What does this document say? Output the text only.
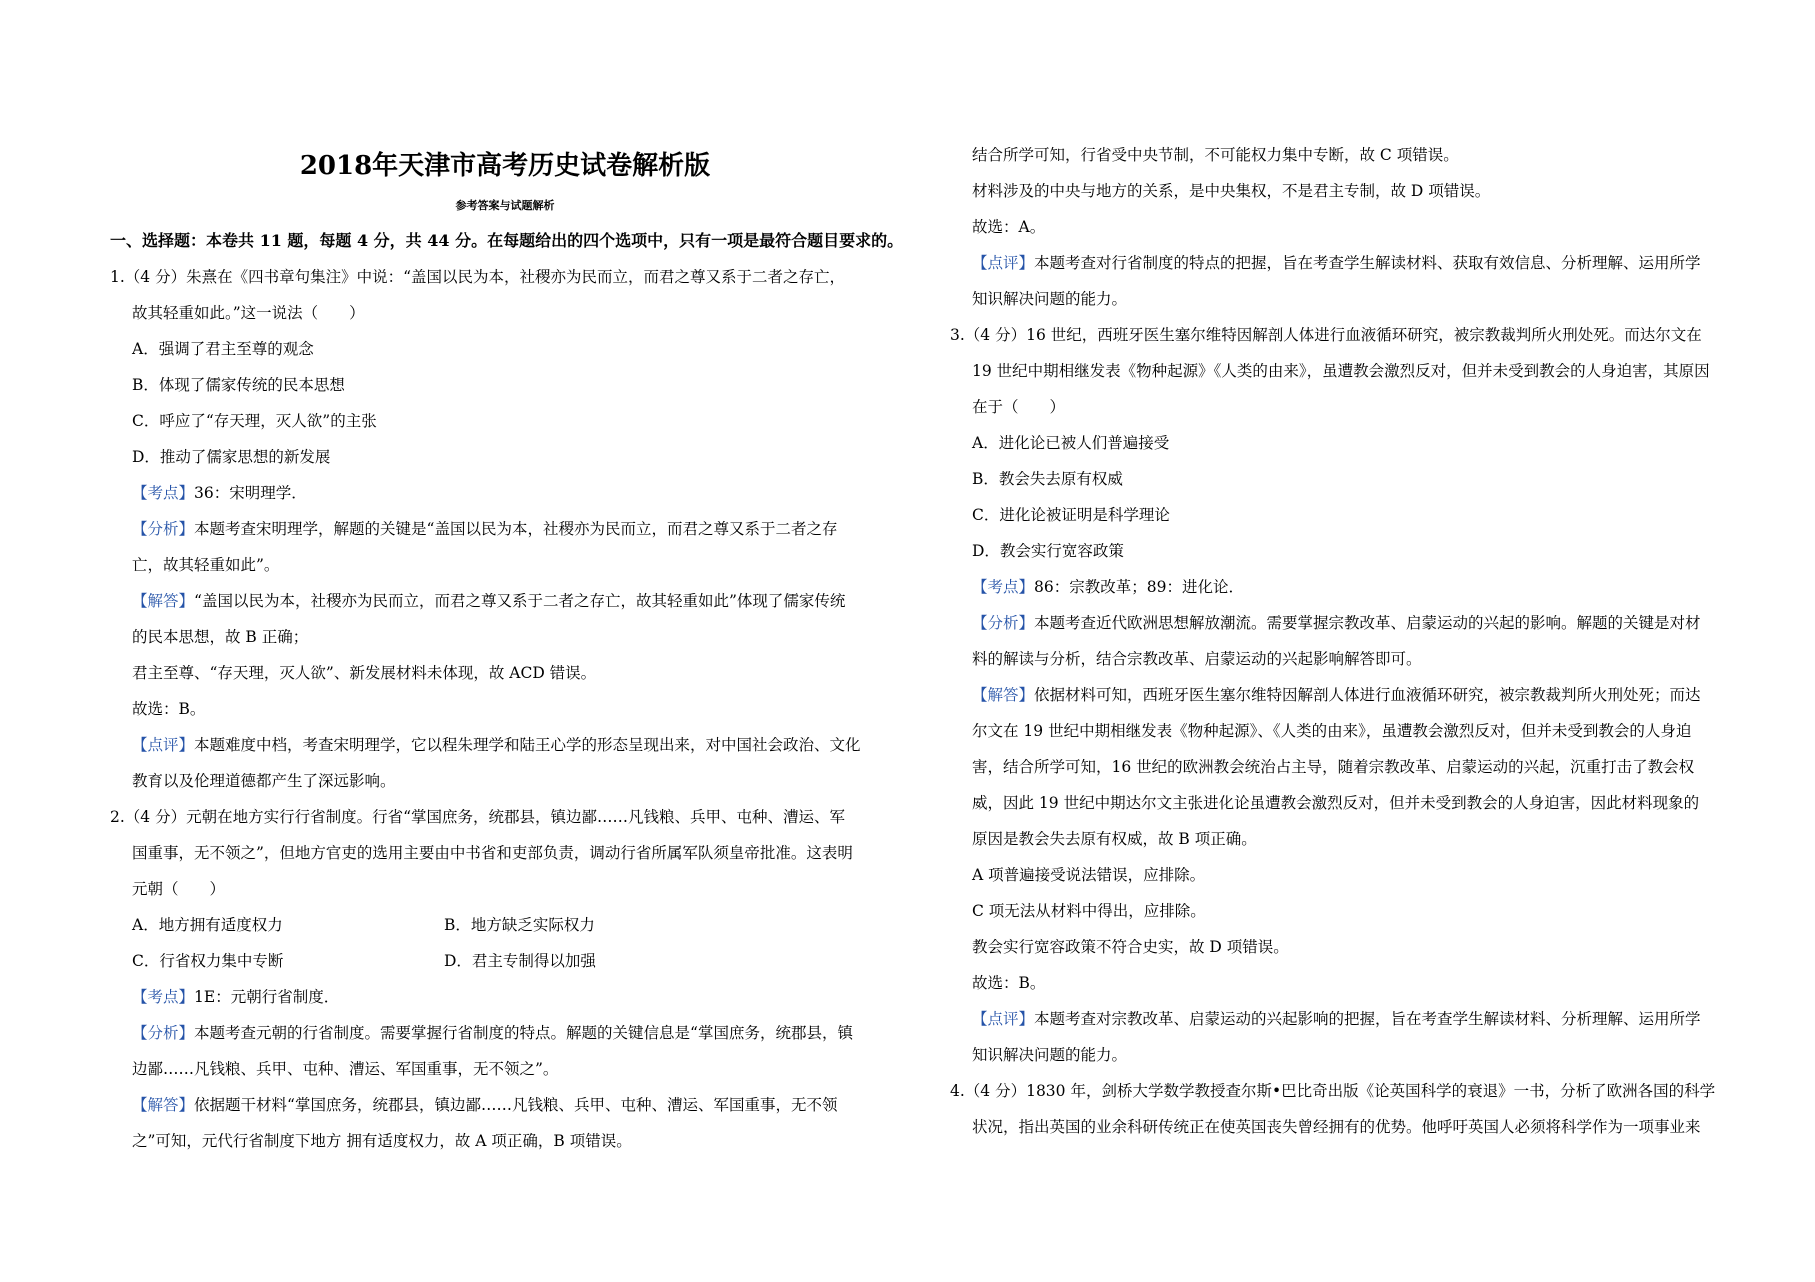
2018年天津市高考历史试卷解析版
参考答案与试题解析
一、选择题：本卷共 11 题，每题 4 分，共 44 分。在每题给出的四个选项中，只有一项是最符合题目要求的。
1.（4 分）朱熹在《四书章句集注》中说：“盖国以民为本，社稷亦为民而立，而君之尊又系于二者之存亡，
故其轻重如此。”这一说法（　　）
A．强调了君主至尊的观念
B．体现了儒家传统的民本思想
C．呼应了“存天理，灭人欲”的主张
D．推动了儒家思想的新发展
【考点】36：宋明理学．
【分析】本题考查宋明理学，解题的关键是“盖国以民为本，社稷亦为民而立，而君之尊又系于二者之存
亡，故其轻重如此”。
【解答】“盖国以民为本，社稷亦为民而立，而君之尊又系于二者之存亡，故其轻重如此”体现了儒家传统
的民本思想，故 B 正确；
君主至尊、“存天理，灭人欲”、新发展材料未体现，故 ACD 错误。
故选：B。
【点评】本题难度中档，考查宋明理学，它以程朱理学和陆王心学的形态呈现出来，对中国社会政治、文化
教育以及伦理道德都产生了深远影响。
2.（4 分）元朝在地方实行行省制度。行省“掌国庶务，统郡县，镇边鄙……凡钱粮、兵甲、屯种、漕运、军
国重事，无不领之”，但地方官吏的选用主要由中书省和吏部负责，调动行省所属军队须皇帝批准。这表明
元朝（　　）
A．地方拥有适度权力	B．地方缺乏实际权力
C．行省权力集中专断	D．君主专制得以加强
【考点】1E：元朝行省制度．
【分析】本题考查元朝的行省制度。需要掌握行省制度的特点。解题的关键信息是“掌国庶务，统郡县，镇
边鄙……凡钱粮、兵甲、屯种、漕运、军国重事，无不领之”。
【解答】依据题干材料“掌国庶务，统郡县，镇边鄙……凡钱粮、兵甲、屯种、漕运、军国重事，无不领
之”可知，元代行省制度下地方 拥有适度权力，故 A 项正确，B 项错误。
结合所学可知，行省受中央节制，不可能权力集中专断，故 C 项错误。
材料涉及的中央与地方的关系，是中央集权，不是君主专制，故 D 项错误。
故选：A。
【点评】本题考查对行省制度的特点的把握，旨在考查学生解读材料、获取有效信息、分析理解、运用所学
知识解决问题的能力。
3.（4 分）16 世纪，西班牙医生塞尔维特因解剖人体进行血液循环研究，被宗教裁判所火刑处死。而达尔文在
19 世纪中期相继发表《物种起源》《人类的由来》，虽遭教会激烈反对，但并未受到教会的人身迫害，其原因
在于（　　）
A．进化论已被人们普遍接受
B．教会失去原有权威
C．进化论被证明是科学理论
D．教会实行宽容政策
【考点】86：宗教改革；89：进化论．
【分析】本题考查近代欧洲思想解放潮流。需要掌握宗教改革、启蒙运动的兴起的影响。解题的关键是对材
料的解读与分析，结合宗教改革、启蒙运动的兴起影响解答即可。
【解答】依据材料可知，西班牙医生塞尔维特因解剖人体进行血液循环研究，被宗教裁判所火刑处死；而达
尔文在 19 世纪中期相继发表《物种起源》、《人类的由来》，虽遭教会激烈反对，但并未受到教会的人身迫
害，结合所学可知，16 世纪的欧洲教会统治占主导，随着宗教改革、启蒙运动的兴起，沉重打击了教会权
威，因此 19 世纪中期达尔文主张进化论虽遭教会激烈反对，但并未受到教会的人身迫害，因此材料现象的
原因是教会失去原有权威，故 B 项正确。
A 项普遍接受说法错误，应排除。
C 项无法从材料中得出，应排除。
教会实行宽容政策不符合史实，故 D 项错误。
故选：B。
【点评】本题考查对宗教改革、启蒙运动的兴起影响的把握，旨在考查学生解读材料、分析理解、运用所学
知识解决问题的能力。
4.（4 分）1830 年，剑桥大学数学教授查尔斯•巴比奇出版《论英国科学的衰退》一书，分析了欧洲各国的科学
状况，指出英国的业余科研传统正在使英国丧失曾经拥有的优势。他呼吁英国人必须将科学作为一项事业来
